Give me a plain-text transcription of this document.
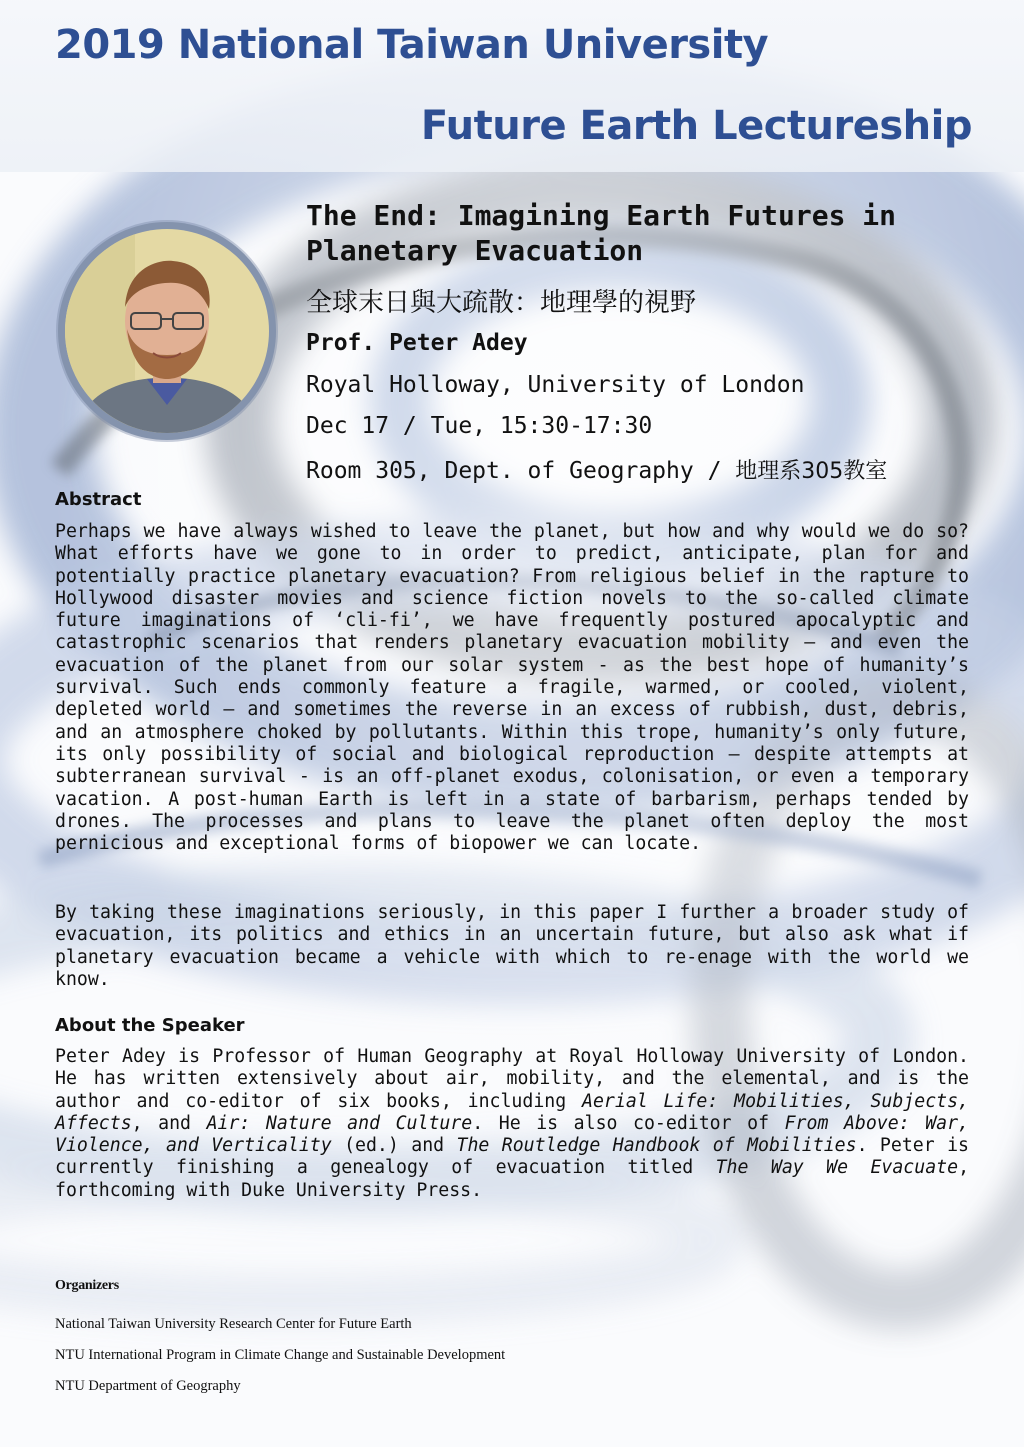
2019 National Taiwan University
Future Earth Lectureship
The End: Imagining Earth Futures in Planetary Evacuation
全球末日與大疏散：地理學的視野
Prof. Peter Adey
Royal Holloway, University of London
Dec 17 / Tue, 15:30-17:30
Room 305, Dept. of Geography / 地理系305教室
Abstract

Perhaps we have always wished to leave the planet, but how and why would we do so? What efforts have we gone to in order to predict, anticipate, plan for and potentially practice planetary evacuation? From religious belief in the rapture to Hollywood disaster movies and science fiction novels to the so-called climate future imaginations of ‘cli-fi’, we have frequently postured apocalyptic and catastrophic scenarios that renders planetary evacuation mobility – and even the evacuation of the planet from our solar system - as the best hope of humanity’s survival. Such ends commonly feature a fragile, warmed, or cooled, violent, depleted world – and sometimes the reverse in an excess of rubbish, dust, debris, and an atmosphere choked by pollutants. Within this trope, humanity’s only future, its only possibility of social and biological reproduction – despite attempts at subterranean survival - is an off-planet exodus, colonisation, or even a temporary vacation. A post-human Earth is left in a state of barbarism, perhaps tended by drones. The processes and plans to leave the planet often deploy the most pernicious and exceptional forms of biopower we can locate.

By taking these imaginations seriously, in this paper I further a broader study of evacuation, its politics and ethics in an uncertain future, but also ask what if planetary evacuation became a vehicle with which to re-enage with the world we know.

About the Speaker

Peter Adey is Professor of Human Geography at Royal Holloway University of London. He has written extensively about air, mobility, and the elemental, and is the author and co-editor of six books, including Aerial Life: Mobilities, Subjects, Affects, and Air: Nature and Culture. He is also co-editor of From Above: War, Violence, and Verticality (ed.) and The Routledge Handbook of Mobilities. Peter is currently finishing a genealogy of evacuation titled The Way We Evacuate, forthcoming with Duke University Press.

Organizers
National Taiwan University Research Center for Future Earth
NTU International Program in Climate Change and Sustainable Development
NTU Department of Geography
